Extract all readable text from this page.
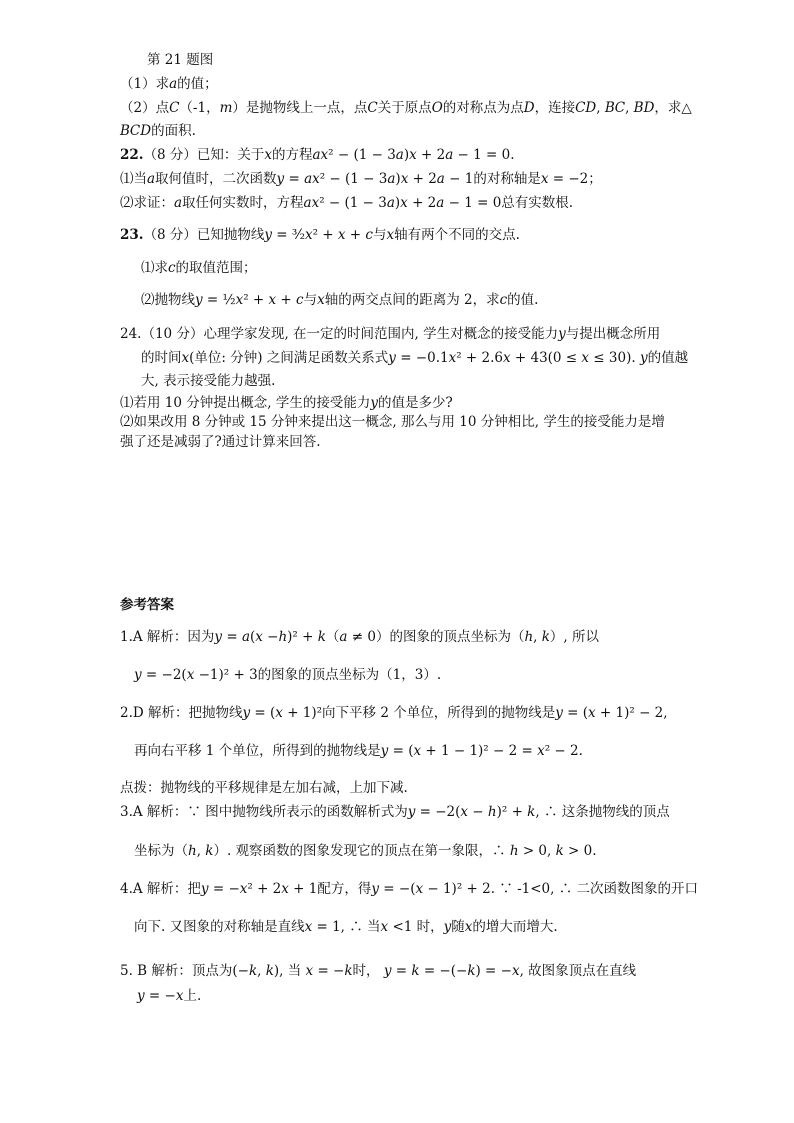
第 21 题图
（1）求𝑎的值；
（2）点𝐶（-1，𝑚）是抛物线上一点，点𝐶关于原点𝑂的对称点为点𝐷，连接𝐶𝐷, 𝐵𝐶, 𝐵𝐷，求△
𝐵𝐶𝐷的面积.
22.（8 分）已知：关于𝑥的方程𝑎𝑥² − (1 − 3𝑎)𝑥 + 2𝑎 − 1 = 0.
⑴当𝑎取何值时，二次函数𝑦 = 𝑎𝑥² − (1 − 3𝑎)𝑥 + 2𝑎 − 1的对称轴是𝑥 = −2；
⑵求证：𝑎取任何实数时，方程𝑎𝑥² − (1 − 3𝑎)𝑥 + 2𝑎 − 1 = 0总有实数根.
23.（8 分）已知抛物线𝑦 = ³⁄₂𝑥² + 𝑥 + 𝑐与𝑥轴有两个不同的交点.
⑴求𝑐的取值范围；
⑵抛物线𝑦 = ½𝑥² + 𝑥 + 𝑐与𝑥轴的两交点间的距离为 2，求𝑐的值.
24.（10 分）心理学家发现, 在一定的时间范围内, 学生对概念的接受能力𝑦与提出概念所用
的时间𝑥(单位: 分钟) 之间满足函数关系式𝑦 = −0.1𝑥² + 2.6𝑥 + 43(0 ≤ 𝑥 ≤ 30). 𝑦的值越
大, 表示接受能力越强.
⑴若用 10 分钟提出概念, 学生的接受能力𝑦的值是多少?
⑵如果改用 8 分钟或 15 分钟来提出这一概念, 那么与用 10 分钟相比, 学生的接受能力是增
强了还是减弱了?通过计算来回答.
参考答案
1.A 解析：因为𝑦 = 𝑎(𝑥 −ℎ)² + 𝑘（𝑎 ≠ 0）的图象的顶点坐标为（ℎ, 𝑘）, 所以
𝑦 = −2(𝑥 −1)² + 3的图象的顶点坐标为（1，3）.
2.D 解析：把抛物线𝑦 = (𝑥 + 1)²向下平移 2 个单位，所得到的抛物线是𝑦 = (𝑥 + 1)² − 2,
再向右平移 1 个单位，所得到的抛物线是𝑦 = (𝑥 + 1 − 1)² − 2 = 𝑥² − 2.
点拨：抛物线的平移规律是左加右减，上加下减.
3.A 解析：∵ 图中抛物线所表示的函数解析式为𝑦 = −2(𝑥 − ℎ)² + 𝑘, ∴ 这条抛物线的顶点
坐标为（ℎ, 𝑘）. 观察函数的图象发现它的顶点在第一象限，∴ ℎ > 0, 𝑘 > 0.
4.A 解析：把𝑦 = −𝑥² + 2𝑥 + 1配方，得𝑦 = −(𝑥 − 1)² + 2. ∵ -1<0, ∴ 二次函数图象的开口
向下. 又图象的对称轴是直线𝑥 = 1, ∴ 当𝑥 <1 时，𝑦随𝑥的增大而增大.
5. B 解析：顶点为(−𝑘, 𝑘), 当 𝑥 = −𝑘时， 𝑦 = 𝑘 = −(−𝑘) = −𝑥, 故图象顶点在直线
𝑦 = −𝑥上.
